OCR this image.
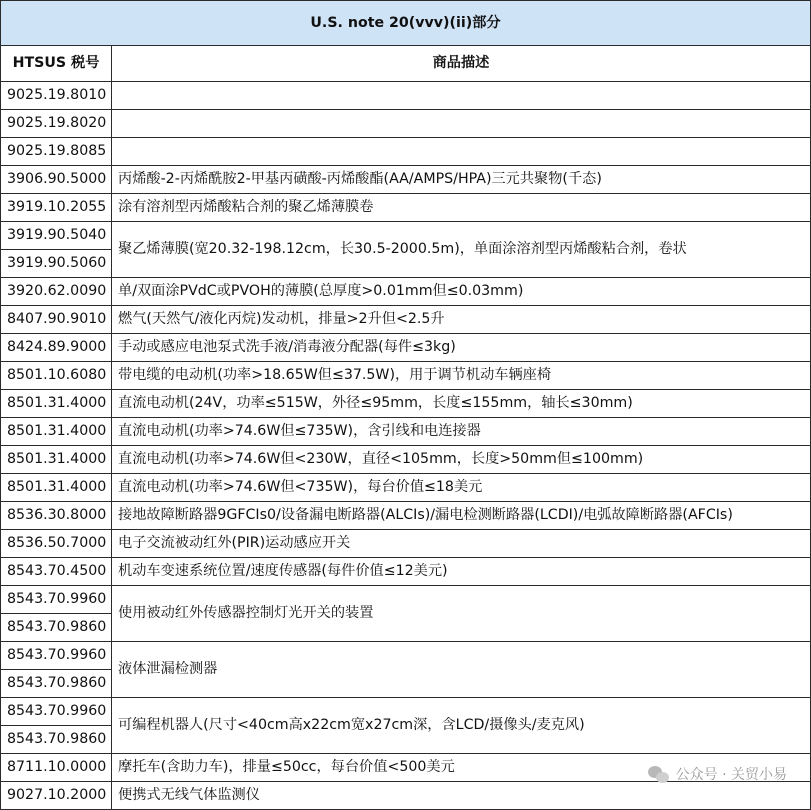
U.S. note 20(vvv)(ii)部分	
HTSUS 税号	商品描述
9025.19.8010	
9025.19.8020	
9025.19.8085	
3906.90.5000	丙烯酸-2-丙烯酰胺2-甲基丙磺酸-丙烯酸酯(AA/AMPS/HPA)三元共聚物(千态)
3919.10.2055	涂有溶剂型丙烯酸粘合剂的聚乙烯薄膜卷
3919.90.5040	聚乙烯薄膜(宽20.32-198.12cm，长30.5-2000.5m)，单面涂溶剂型丙烯酸粘合剂，卷状
3919.90.5060	
3920.62.0090	单/双面涂PVdC或PVOH的薄膜(总厚度>0.01mm但≤0.03mm)
8407.90.9010	燃气(天然气/液化丙烷)发动机，排量>2升但<2.5升
8424.89.9000	手动或感应电池泵式洗手液/消毒液分配器(每件≤3kg)
8501.10.6080	带电缆的电动机(功率>18.65W但≤37.5W)，用于调节机动车辆座椅
8501.31.4000	直流电动机(24V，功率≤515W，外径≤95mm，长度≤155mm，轴长≤30mm)
8501.31.4000	直流电动机(功率>74.6W但≤735W)，含引线和电连接器
8501.31.4000	直流电动机(功率>74.6W但<230W，直径<105mm，长度>50mm但≤100mm)
8501.31.4000	直流电动机(功率>74.6W但<735W)，每台价值≤18美元
8536.30.8000	接地故障断路器9GFCIs0/设备漏电断路器(ALCIs)/漏电检测断路器(LCDI)/电弧故障断路器(AFCIs)
8536.50.7000	电子交流被动红外(PIR)运动感应开关
8543.70.4500	机动车变速系统位置/速度传感器(每件价值≤12美元)
8543.70.9960	使用被动红外传感器控制灯光开关的装置
8543.70.9860	
8543.70.9960	液体泄漏检测器
8543.70.9860	
8543.70.9960	可编程机器人(尺寸<40cm高x22cm宽x27cm深，含LCD/摄像头/麦克风)
8543.70.9860	
8711.10.0000	摩托车(含助力车)，排量≤50cc，每台价值<500美元
9027.10.2000	便携式无线气体监测仪
公众号 · 关贸小易
